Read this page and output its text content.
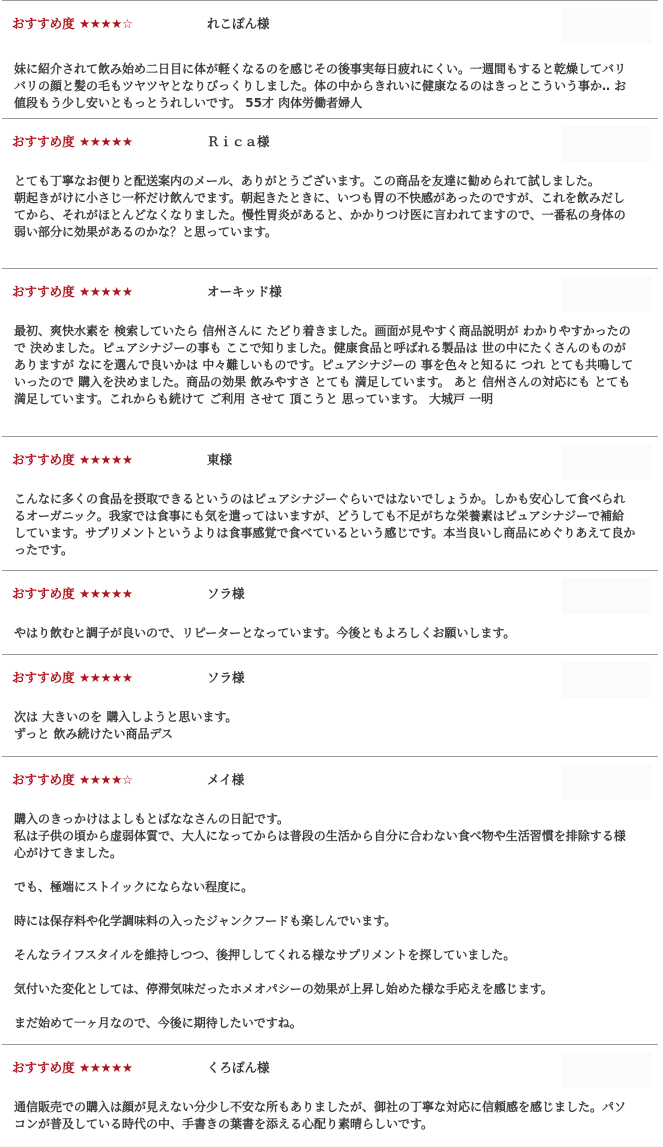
おすすめ度 ★★★★☆	れこぽん様

妹に紹介されて飲み始め二日目に体が軽くなるのを感じその後事実毎日疲れにくい。一週間もすると乾燥してバリバリの顔と髪の毛もツヤツヤとなりびっくりしました。体の中からきれいに健康なるのはきっとこういう事か‥ お値段もう少し安いともっとうれしいです。 55才 肉体労働者婦人

おすすめ度 ★★★★★	Ｒｉｃａ様

とても丁寧なお便りと配送案内のメール、ありがとうございます。この商品を友達に勧められて試しました。

朝起きがけに小さじ一杯だけ飲んでます。朝起きたときに、いつも胃の不快感があったのですが、これを飲みだしてから、それがほとんどなくなりました。慢性胃炎があると、かかりつけ医に言われてますので、一番私の身体の弱い部分に効果があるのかな？と思っています。

おすすめ度 ★★★★★	オーキッド様

最初、爽快水素を 検索していたら 信州さんに たどり着きました。画面が見やすく商品説明が わかりやすかったので 決めました。ピュアシナジーの事も ここで知りました。健康食品と呼ばれる製品は 世の中にたくさんのものが ありますが なにを選んで良いかは 中々難しいものです。ピュアシナジーの 事を色々と知るに つれ とても共鳴していったので 購入を決めました。商品の効果 飲みやすさ とても 満足しています。 あと 信州さんの対応にも とても満足しています。これからも続けて ご利用 させて 頂こうと 思っています。 大城戸 一明

おすすめ度 ★★★★★	東様

こんなに多くの食品を摂取できるというのはピュアシナジーぐらいではないでしょうか。しかも安心して食べられるオーガニック。我家では食事にも気を遣ってはいますが、どうしても不足がちな栄養素はピュアシナジーで補給しています。サプリメントというよりは食事感覚で食べているという感じです。本当良いし商品にめぐりあえて良かったです。

おすすめ度 ★★★★★	ソラ様

やはり飲むと調子が良いので、リピーターとなっています。今後ともよろしくお願いします。

おすすめ度 ★★★★★	ソラ様

次は 大きいのを 購入しようと思います。

ずっと 飲み続けたい商品デス

おすすめ度 ★★★★☆	メイ様

購入のきっかけはよしもとばななさんの日記です。

私は子供の頃から虚弱体質で、大人になってからは普段の生活から自分に合わない食べ物や生活習慣を排除する様心がけてきました。

でも、極端にストイックにならない程度に。

時には保存料や化学調味料の入ったジャンクフードも楽しんでいます。

そんなライフスタイルを維持しつつ、後押ししてくれる様なサプリメントを探していました。

気付いた変化としては、停滞気味だったホメオパシーの効果が上昇し始めた様な手応えを感じます。

まだ始めて一ヶ月なので、今後に期待したいですね。

おすすめ度 ★★★★★	くろぽん様

通信販売での購入は顔が見えない分少し不安な所もありましたが、御社の丁寧な対応に信頼感を感じました。パソコンが普及している時代の中、手書きの葉書を添える心配り素晴らしいです。
